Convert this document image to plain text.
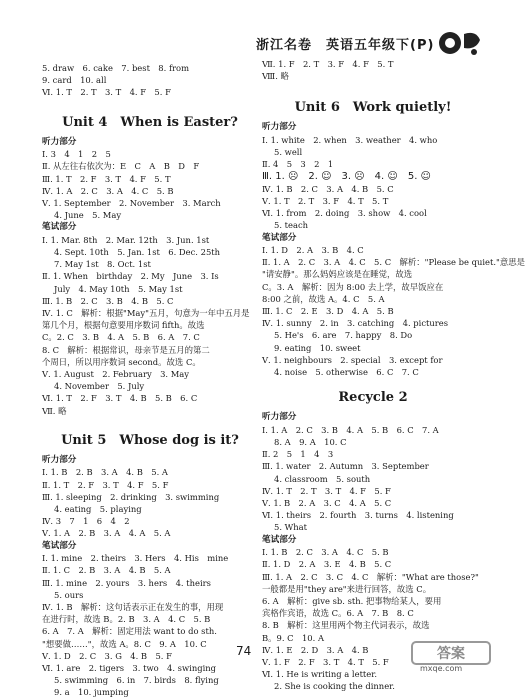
浙江名卷　英语五年级下(P)
5. draw　6. cake　7. best　8. from
9. card　10. all
Ⅵ. 1. T　2. T　3. T　4. F　5. F
Unit 4　When is Easter?
听力部分
Ⅰ. 3　4　1　2　5
Ⅱ. 从左往右依次为：E　C　A　B　D　F
Ⅲ. 1. T　2. F　3. T　4. F　5. T
Ⅳ. 1. A　2. C　3. A　4. C　5. B
Ⅴ. 1. September　2. November　3. March
4. June　5. May
笔试部分
Ⅰ. 1. Mar. 8th　2. Mar. 12th　3. Jun. 1st
4. Sept. 10th　5. Jan. 1st　6. Dec. 25th
7. May 1st　8. Oct. 1st
Ⅱ. 1. When　birthday　2. My　June　3. Is
July　4. May 10th　5. May 1st
Ⅲ. 1. B　2. C　3. B　4. B　5. C
Ⅳ. 1. C　解析：根据"May"五月，句意为一年中五月是
第几个月，根据句意要用序数词 fifth。故选
C。2. C　3. B　4. A　5. B　6. A　7. C
8. C　解析：根据常识，母亲节是五月的第二
个周日，所以用序数词 second。故选 C。
Ⅴ. 1. August　2. February　3. May
4. November　5. July
Ⅵ. 1. T　2. F　3. T　4. B　5. B　6. C
Ⅶ. 略
Unit 5　Whose dog is it?
听力部分
Ⅰ. 1. B　2. B　3. A　4. B　5. A
Ⅱ. 1. T　2. F　3. T　4. F　5. F
Ⅲ. 1. sleeping　2. drinking　3. swimming
4. eating　5. playing
Ⅳ. 3　7　1　6　4　2
Ⅴ. 1. A　2. B　3. A　4. A　5. A
笔试部分
Ⅰ. 1. mine　2. theirs　3. Hers　4. His　mine
Ⅱ. 1. C　2. B　3. A　4. B　5. A
Ⅲ. 1. mine　2. yours　3. hers　4. theirs
5. ours
Ⅳ. 1. B　解析：这句话表示正在发生的事，用现
在进行时，故选 B。2. B　3. A　4. C　5. B
6. A　7. A　解析：固定用法 want to do sth.
"想要做……"，故选 A。8. C　9. A　10. C
Ⅴ. 1. D　2. C　3. G　4. B　5. F
Ⅵ. 1. are　2. tigers　3. two　4. swinging
5. swimming　6. in　7. birds　8. flying
9. a　10. jumping
Ⅶ. 1. F　2. T　3. F　4. F　5. T
Ⅷ. 略
Unit 6　Work quietly!
听力部分
Ⅰ. 1. white　2. when　3. weather　4. who
5. well
Ⅱ. 4　5　3　2　1
Ⅲ. 1. ☹　2. ☺　3. ☹　4. ☺　5. ☺
Ⅳ. 1. B　2. C　3. A　4. B　5. C
Ⅴ. 1. T　2. T　3. F　4. T　5. T
Ⅵ. 1. from　2. doing　3. show　4. cool
5. teach
笔试部分
Ⅰ. 1. D　2. A　3. B　4. C
Ⅱ. 1. A　2. C　3. A　4. C　5. C　解析："Please be quiet."意思是
"请安静"。那么妈妈应该是在睡觉，故选
C。3. A　解析：因为 8:00 去上学，故早饭应在
8:00 之前，故选 A。4. C　5. A
Ⅲ. 1. C　2. E　3. D　4. A　5. B
Ⅳ. 1. sunny　2. in　3. catching　4. pictures
5. He's　6. are　7. happy　8. Do
9. eating　10. sweet
Ⅴ. 1. neighbours　2. special　3. except for
4. noise　5. otherwise　6. C　7. C
Recycle 2
听力部分
Ⅰ. 1. A　2. C　3. B　4. A　5. B　6. C　7. A
8. A　9. A　10. C
Ⅱ. 2　5　1　4　3
Ⅲ. 1. water　2. Autumn　3. September
4. classroom　5. south
Ⅳ. 1. T　2. T　3. T　4. F　5. F
Ⅴ. 1. B　2. A　3. C　4. A　5. C
Ⅵ. 1. theirs　2. fourth　3. turns　4. listening
5. What
笔试部分
Ⅰ. 1. B　2. C　3. A　4. C　5. B
Ⅱ. 1. D　2. A　3. E　4. B　5. C
Ⅲ. 1. A　2. C　3. C　4. C　解析："What are those?"
一般都是用"they are"来进行回答，故选 C。
6. A　解析：give sb. sth. 把事物给某人，要用
宾格作宾语，故选 C。6. A　7. B　8. C
8. B　解析：这里用两个物主代词表示，故选
B。9. C　10. A
Ⅳ. 1. E　2. D　3. A　4. B
Ⅴ. 1. F　2. F　3. T　4. T　5. F
Ⅵ. 1. He is writing a letter.
2. She is cooking the dinner.
74	答案
mxqe.com
